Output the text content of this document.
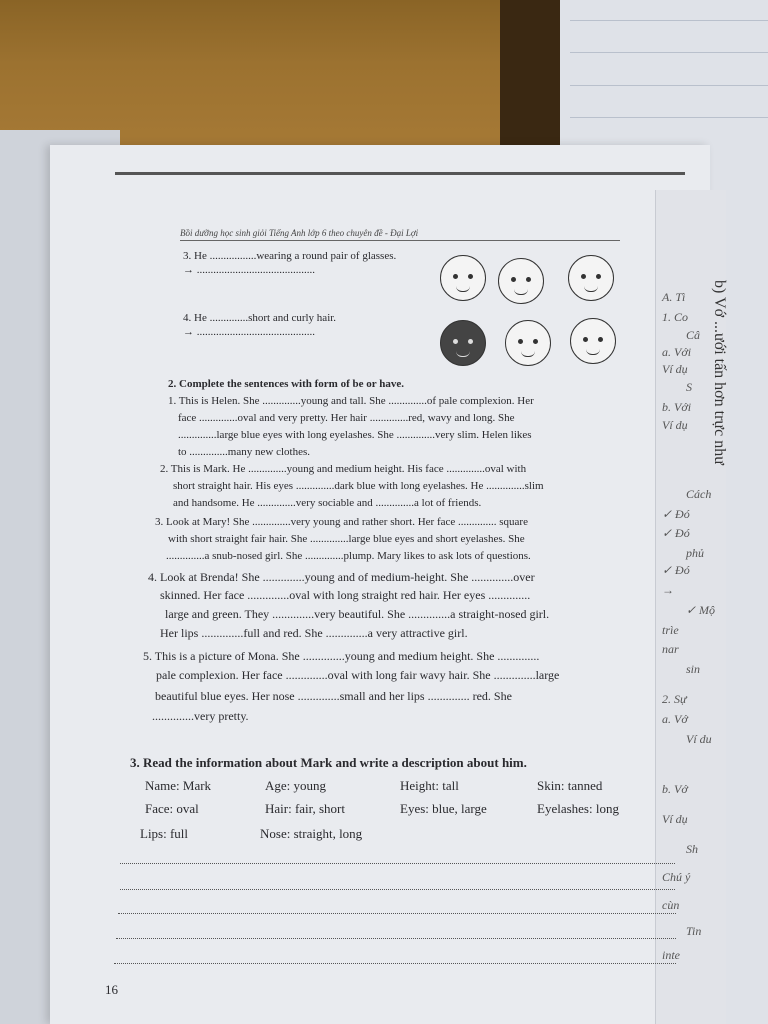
A. Tì
1. Co
Câ
a. Với
Ví dụ
S
b. Với
Ví dụ
Cách
✓ Đó
✓ Đó
phủ
✓ Đó
→
✓ Mộ
trìe
nar
sin
2. Sự
a. Vớ
Ví du
b. Vớ
Ví dụ
Sh
Chú ý
cùn
Tin
inte
b) Vớ ...ưới tấn hơn trực như
Bồi dưỡng học sinh giỏi Tiếng Anh lớp 6 theo chuyên đề - Đại Lợi
3. He .................wearing a round pair of glasses.
→ ...........................................
4. He ..............short and curly hair.
→ ...........................................
2. Complete the sentences with form of be or have.
1. This is Helen. She ..............young and tall. She ..............of pale complexion. Her
face ..............oval and very pretty. Her hair ..............red, wavy and long. She
..............large blue eyes with long eyelashes. She ..............very slim. Helen likes
to ..............many new clothes.
2. This is Mark. He ..............young and medium height. His face ..............oval with
short straight hair. His eyes ..............dark blue with long eyelashes. He ..............slim
and handsome. He ..............very sociable and ..............a lot of friends.
3. Look at Mary! She ..............very young and rather short. Her face .............. square
with short straight fair hair. She ..............large blue eyes and short eyelashes. She
..............a snub-nosed girl. She ..............plump. Mary likes to ask lots of questions.
4. Look at Brenda! She ..............young and of medium-height. She ..............over
skinned. Her face ..............oval with long straight red hair. Her eyes ..............
large and green. They ..............very beautiful. She ..............a straight-nosed girl.
Her lips ..............full and red. She ..............a very attractive girl.
5. This is a picture of Mona. She ..............young and medium height. She ..............
pale complexion. Her face ..............oval with long fair wavy hair. She ..............large
beautiful blue eyes. Her nose ..............small and her lips .............. red. She
..............very pretty.
3. Read the information about Mark and write a description about him.
Name: Mark	Age: young	Height: tall	Skin: tanned
Face: oval	Hair: fair, short	Eyes: blue, large	Eyelashes: long
Lips: full	Nose: straight, long
16
